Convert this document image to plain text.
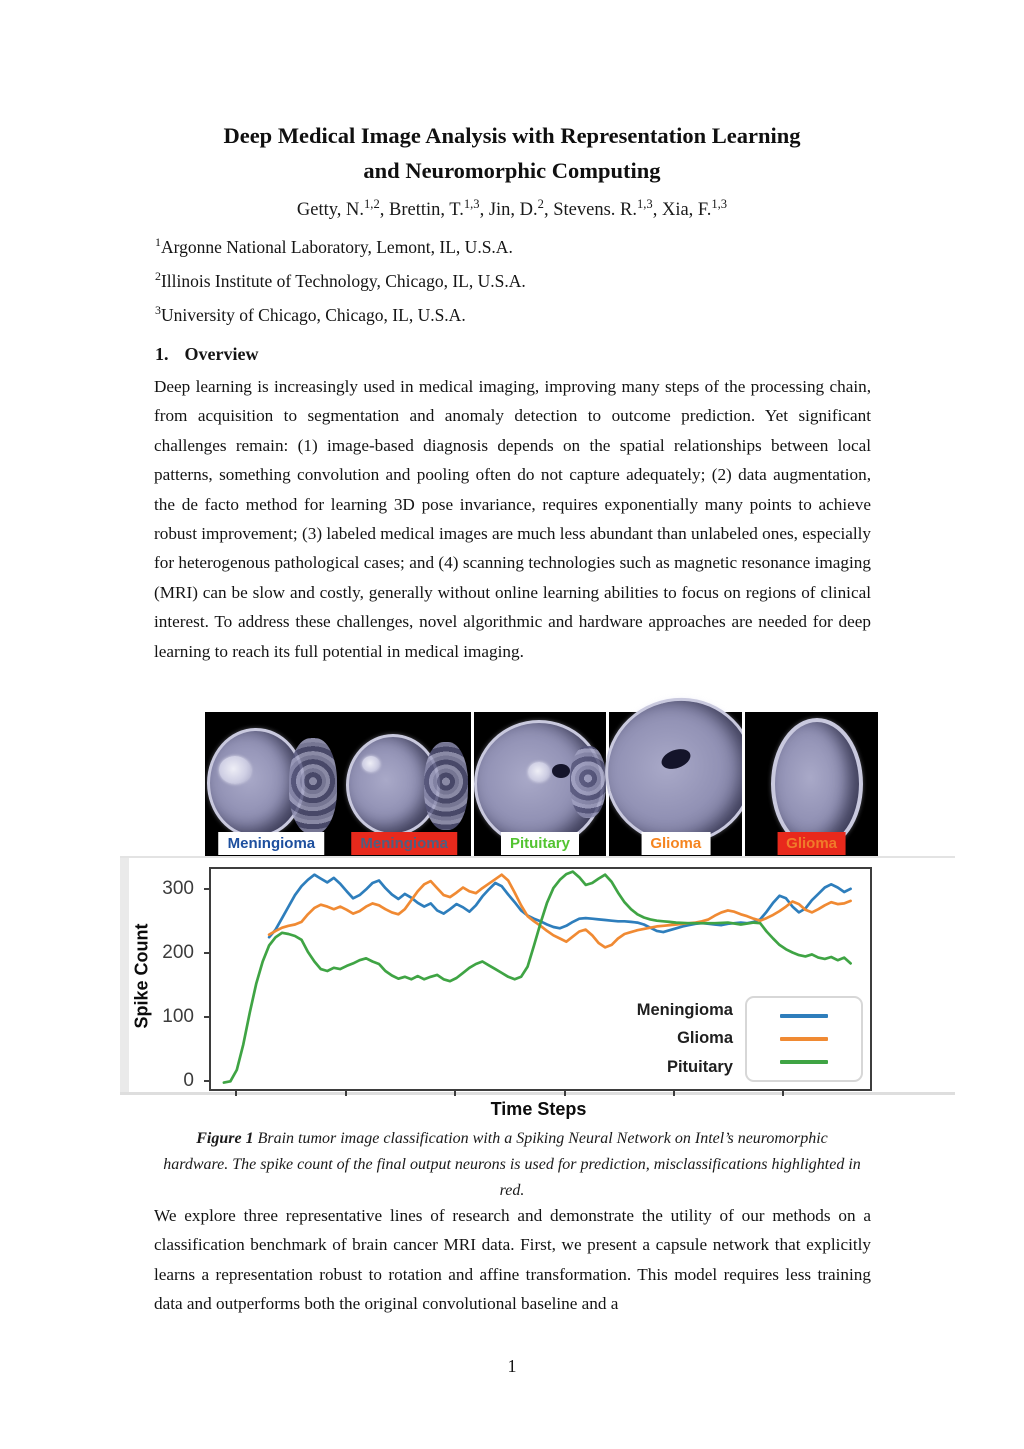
Deep Medical Image Analysis with Representation Learning
and Neuromorphic Computing
Getty, N.$^{1,2}$, Brettin, T.$^{1,3}$, Jin, D.$^2$, Stevens. R.$^{1,3}$, Xia, F.$^{1,3}$
$^1$Argonne National Laboratory, Lemont, IL, U.S.A.
$^2$Illinois Institute of Technology, Chicago, IL, U.S.A.
$^3$University of Chicago, Chicago, IL, U.S.A.
1. Overview
Deep learning is increasingly used in medical imaging, improving many steps of the processing chain, from acquisition to segmentation and anomaly detection to outcome prediction. Yet significant challenges remain: (1) image-based diagnosis depends on the spatial relationships between local patterns, something convolution and pooling often do not capture adequately; (2) data augmentation, the de facto method for learning 3D pose invariance, requires exponentially many points to achieve robust improvement; (3) labeled medical images are much less abundant than unlabeled ones, especially for heterogenous pathological cases; and (4) scanning technologies such as magnetic resonance imaging (MRI) can be slow and costly, generally without online learning abilities to focus on regions of clinical interest. To address these challenges, novel algorithmic and hardware approaches are needed for deep learning to reach its full potential in medical imaging.
Meningioma	Meningioma	Pituitary	Glioma	Glioma
Spike Count
0
100
200
300
Meningioma
Glioma
Pituitary
Time Steps
Figure 1 Brain tumor image classification with a Spiking Neural Network on Intel’s neuromorphic hardware. The spike count of the final output neurons is used for prediction, misclassifications highlighted in red.
We explore three representative lines of research and demonstrate the utility of our methods on a classification benchmark of brain cancer MRI data. First, we present a capsule network that explicitly learns a representation robust to rotation and affine transformation. This model requires less training data and outperforms both the original convolutional baseline and a
1
